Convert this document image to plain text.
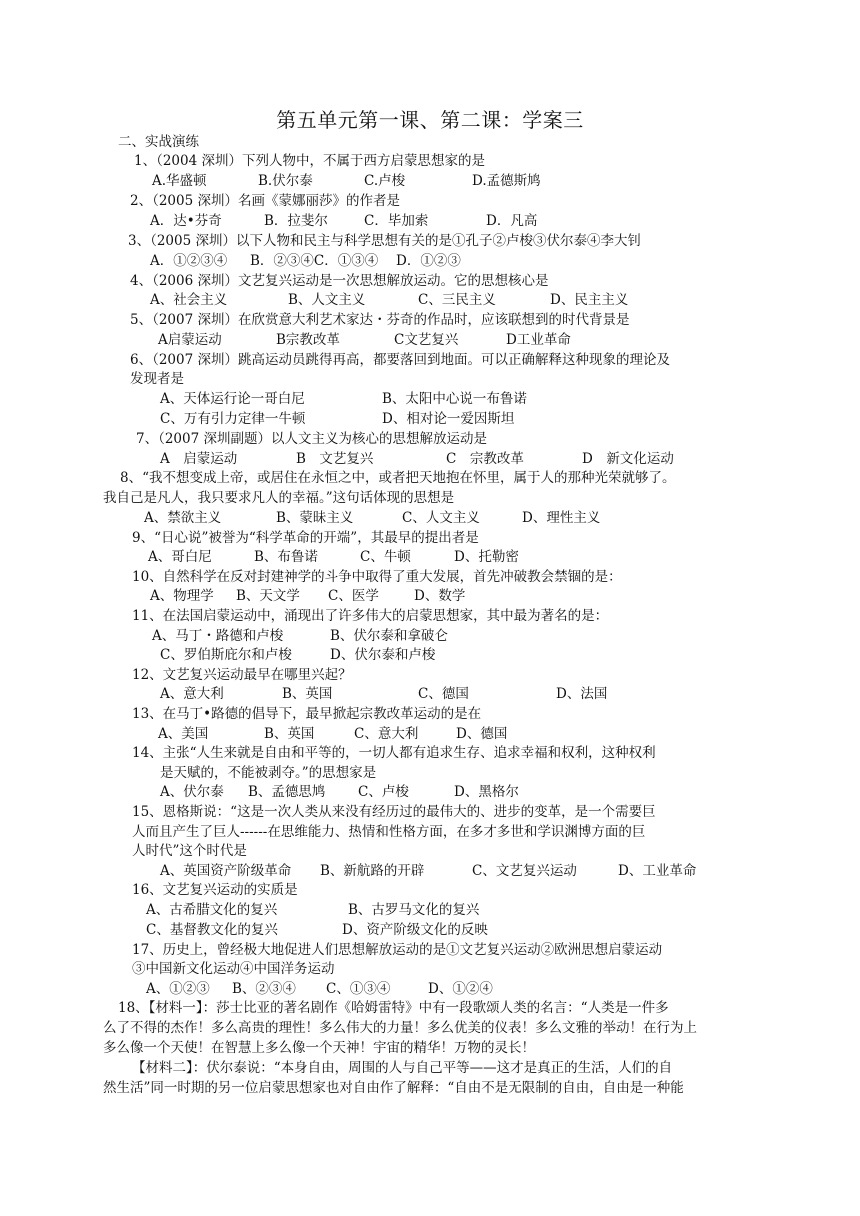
第五单元第一课、第二课：学案三
二、实战演练
1、（2004 深圳）下列人物中，不属于西方启蒙思想家的是
A.华盛顿	B.伏尔泰	C.卢梭	D.孟德斯鸠
2、（2005 深圳）名画《蒙娜丽莎》的作者是
A．达•芬奇	B．拉斐尔	C．毕加索	D．凡高
3、（2005 深圳）以下人物和民主与科学思想有关的是①孔子②卢梭③伏尔泰④李大钊
A．①②③④ B．②③④C．①③④ D．①②③
4、（2006 深圳）文艺复兴运动是一次思想解放运动。它的思想核心是
A、社会主义	B、人文主义	C、三民主义	D、民主主义
5、（2007 深圳）在欣赏意大利艺术家达・芬奇的作品时，应该联想到的时代背景是
A启蒙运动	B宗教改革	C文艺复兴	D工业革命
6、（2007 深圳）跳高运动员跳得再高，都要落回到地面。可以正确解释这种现象的理论及
发现者是
A、天体运行论一哥白尼	B、太阳中心说一布鲁诺
C、万有引力定律一牛顿	D、相对论一爱因斯坦
7、（2007 深圳副题）以人文主义为核心的思想解放运动是
A　启蒙运动	B　文艺复兴	C　宗教改革	D　新文化运动
8、“我不想变成上帝，或居住在永恒之中，或者把天地抱在怀里，属于人的那种光荣就够了。
我自己是凡人，我只要求凡人的幸福。”这句话体现的思想是
A、禁欲主义	B、蒙昧主义	C、人文主义	D、理性主义
9、“日心说”被誉为“科学革命的开端”，其最早的提出者是
A、哥白尼	B、布鲁诺	C、牛顿	D、托勒密
10、自然科学在反对封建神学的斗争中取得了重大发展，首先冲破教会禁锢的是：
A、物理学 B、天文学 C、医学	D、数学
11、在法国启蒙运动中，涌现出了许多伟大的启蒙思想家，其中最为著名的是：
A、马丁・路德和卢梭	B、伏尔泰和拿破仑
C、罗伯斯庇尔和卢梭	D、伏尔泰和卢梭
12、文艺复兴运动最早在哪里兴起？
A、意大利	B、英国	C、德国	D、法国
13、在马丁•路德的倡导下，最早掀起宗教改革运动的是在
A、美国	B、英国	C、意大利	D、德国
14、主张“人生来就是自由和平等的，一切人都有追求生存、追求幸福和权利，这种权利
是天赋的，不能被剥夺。”的思想家是
A、伏尔泰 B、孟德思鸠 C、卢梭	D、黑格尔
15、恩格斯说：“这是一次人类从来没有经历过的最伟大的、进步的变革，是一个需要巨
人而且产生了巨人------在思维能力、热情和性格方面，在多才多世和学识渊博方面的巨
人时代”这个时代是
A、英国资产阶级革命 B、新航路的开辟	C、文艺复兴运动	D、工业革命
16、文艺复兴运动的实质是
A、古希腊文化的复兴	B、古罗马文化的复兴
C、基督教文化的复兴	D、资产阶级文化的反映
17、历史上，曾经极大地促进人们思想解放运动的是①文艺复兴运动②欧洲思想启蒙运动
③中国新文化运动④中国洋务运动
A、①②③ B、②③④ C、①③④	D、①②④
18、【材料一】：莎士比亚的著名剧作《哈姆雷特》中有一段歌颂人类的名言：“人类是一件多
么了不得的杰作！多么高贵的理性！多么伟大的力量！多么优美的仪表！多么文雅的举动！在行为上
多么像一个天使！在智慧上多么像一个天神！宇宙的精华！万物的灵长！
【材料二】：伏尔泰说：“本身自由，周围的人与自己平等——这才是真正的生活，人们的自
然生活”同一时期的另一位启蒙思想家也对自由作了解释：“自由不是无限制的自由，自由是一种能
